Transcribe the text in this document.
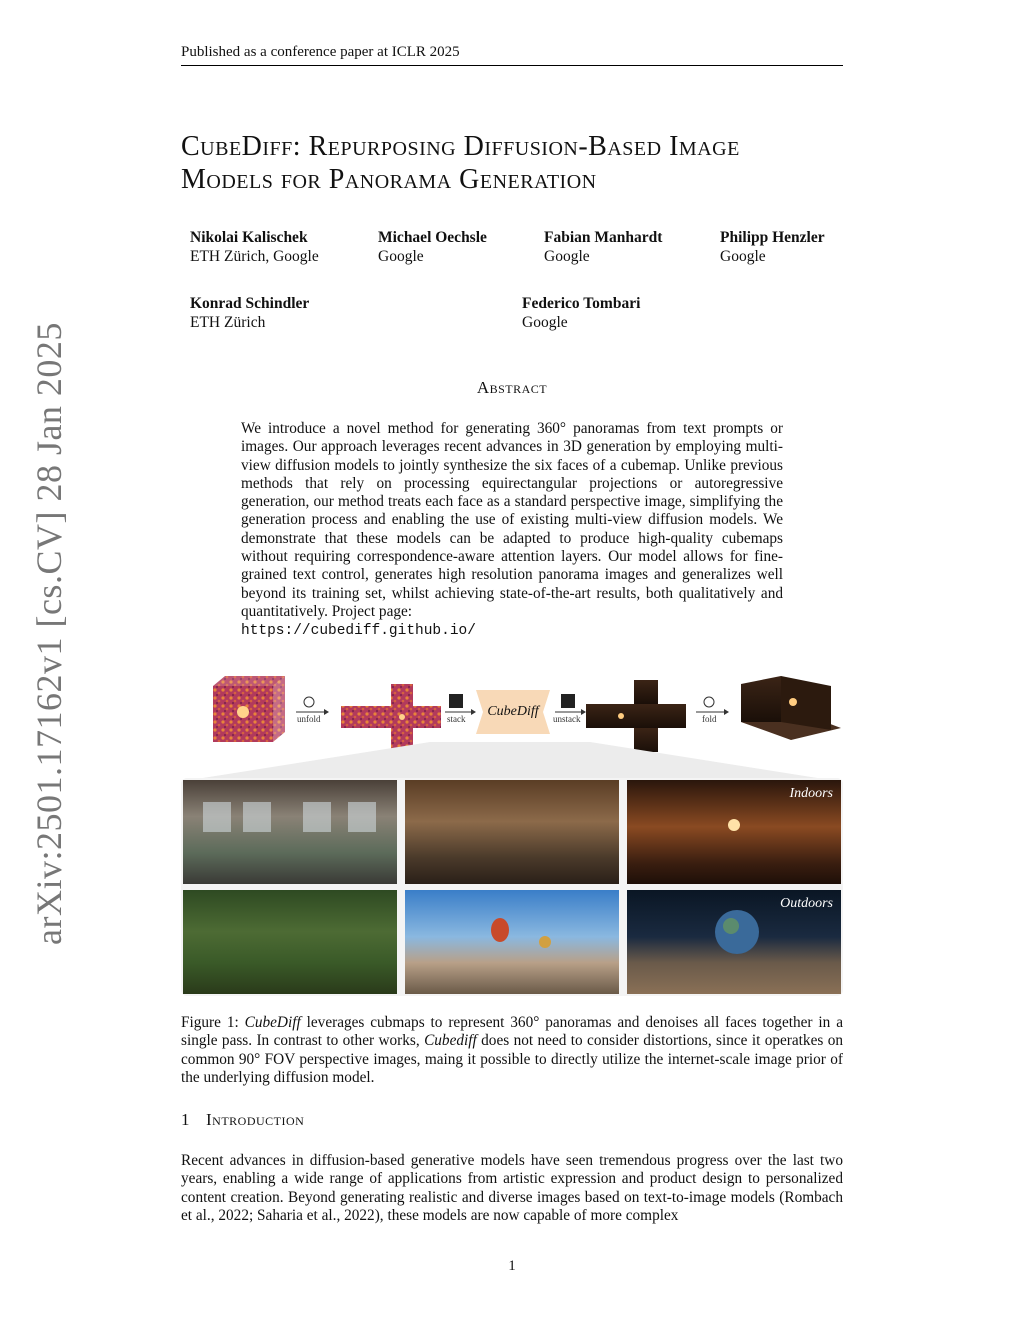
Published as a conference paper at ICLR 2025
CubeDiff: Repurposing Diffusion-Based Image
Models for Panorama Generation
Nikolai Kalischek
ETH Zürich, Google
Michael Oechsle
Google
Fabian Manhardt
Google
Philipp Henzler
Google
Konrad Schindler
ETH Zürich
Federico Tombari
Google
arXiv:2501.17162v1 [cs.CV] 28 Jan 2025	Abstract
We introduce a novel method for generating 360° panoramas from text prompts or images. Our approach leverages recent advances in 3D generation by employing multi-view diffusion models to jointly synthesize the six faces of a cubemap. Unlike previous methods that rely on processing equirectangular projections or autoregressive generation, our method treats each face as a standard perspective image, simplifying the generation process and enabling the use of existing multi-view diffusion models. We demonstrate that these models can be adapted to produce high-quality cubemaps without requiring correspondence-aware attention layers. Our model allows for fine-grained text control, generates high resolution panorama images and generalizes well beyond its training set, whilst achieving state-of-the-art results, both qualitatively and quantitatively. Project page:
https://cubediff.github.io/
unfold	stack	unstack	fold
CubeDiff
Indoors
Outdoors
Figure 1: CubeDiff leverages cubmaps to represent 360° panoramas and denoises all faces together in a single pass. In contrast to other works, Cubediff does not need to consider distortions, since it operatkes on common 90° FOV perspective images, maing it possible to directly utilize the internet-scale image prior of the underlying diffusion model.
1 Introduction
Recent advances in diffusion-based generative models have seen tremendous progress over the last two years, enabling a wide range of applications from artistic expression and product design to personalized content creation. Beyond generating realistic and diverse images based on text-to-image models (Rombach et al., 2022; Saharia et al., 2022), these models are now capable of more complex
1
